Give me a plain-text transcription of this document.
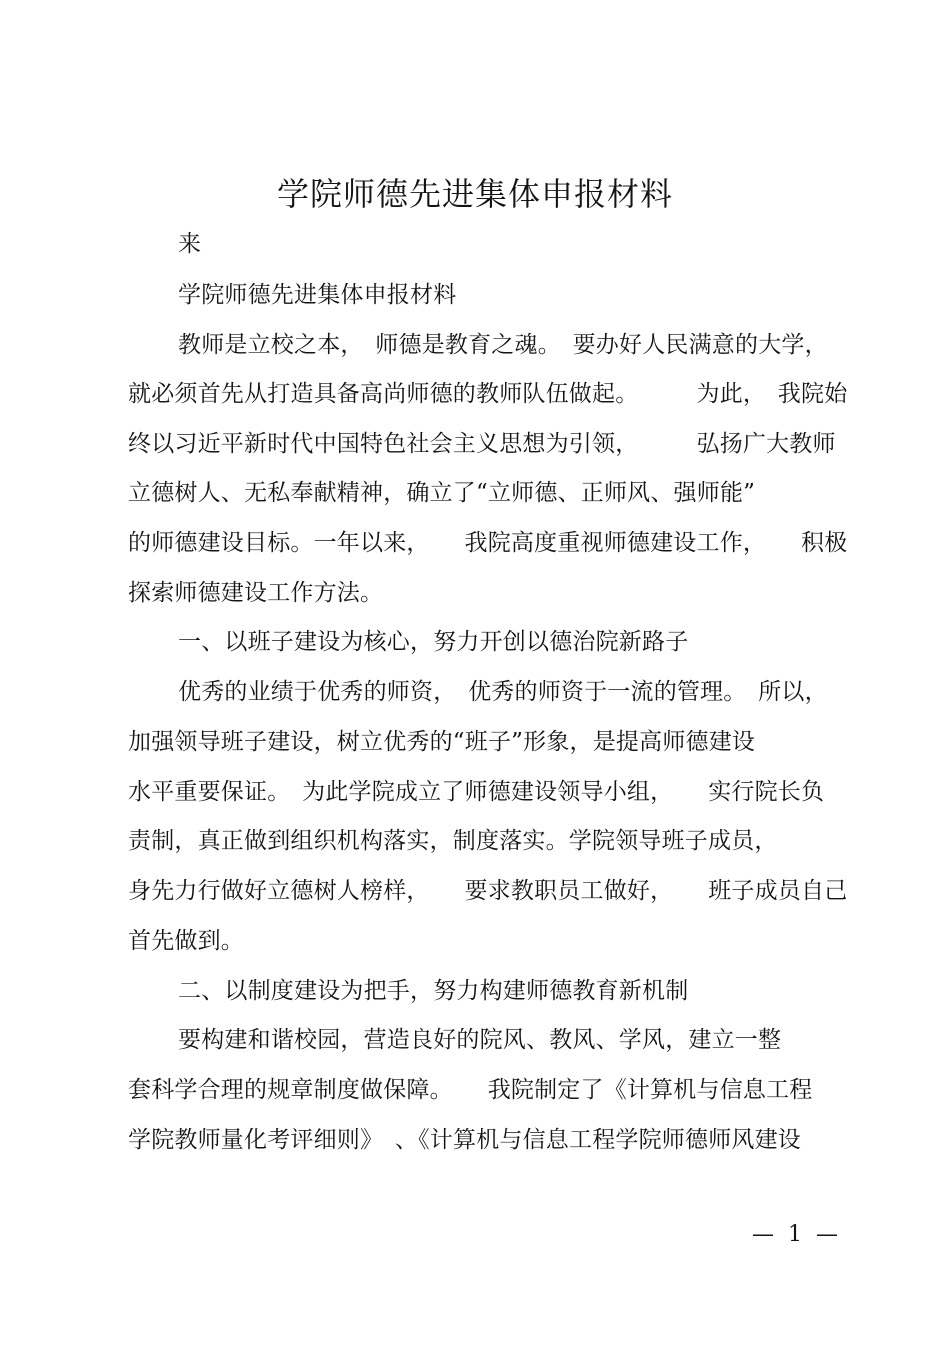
学院师德先进集体申报材料
来
学院师德先进集体申报材料
教师是立校之本，　师德是教育之魂。　要办好人民满意的大学，
就必须首先从打造具备高尚师德的教师队伍做起。　　　为此，　我院始
终以习近平新时代中国特色社会主义思想为引领，　　　弘扬广大教师
立德树人、无私奉献精神，确立了“立师德、正师风、强师能”
的师德建设目标。一年以来，　　我院高度重视师德建设工作，　　积极
探索师德建设工作方法。
一、以班子建设为核心，努力开创以德治院新路子
优秀的业绩于优秀的师资，　优秀的师资于一流的管理。　所以，
加强领导班子建设，树立优秀的“班子”形象，是提高师德建设
水平重要保证。　为此学院成立了师德建设领导小组，　　实行院长负
责制，真正做到组织机构落实，制度落实。学院领导班子成员，
身先力行做好立德树人榜样，　　要求教职员工做好，　　班子成员自己
首先做到。
二、以制度建设为把手，努力构建师德教育新机制
要构建和谐校园，营造良好的院风、教风、学风，建立一整
套科学合理的规章制度做保障。　　我院制定了《计算机与信息工程
学院教师量化考评细则》　、《计算机与信息工程学院师德师风建设
—  1  —
